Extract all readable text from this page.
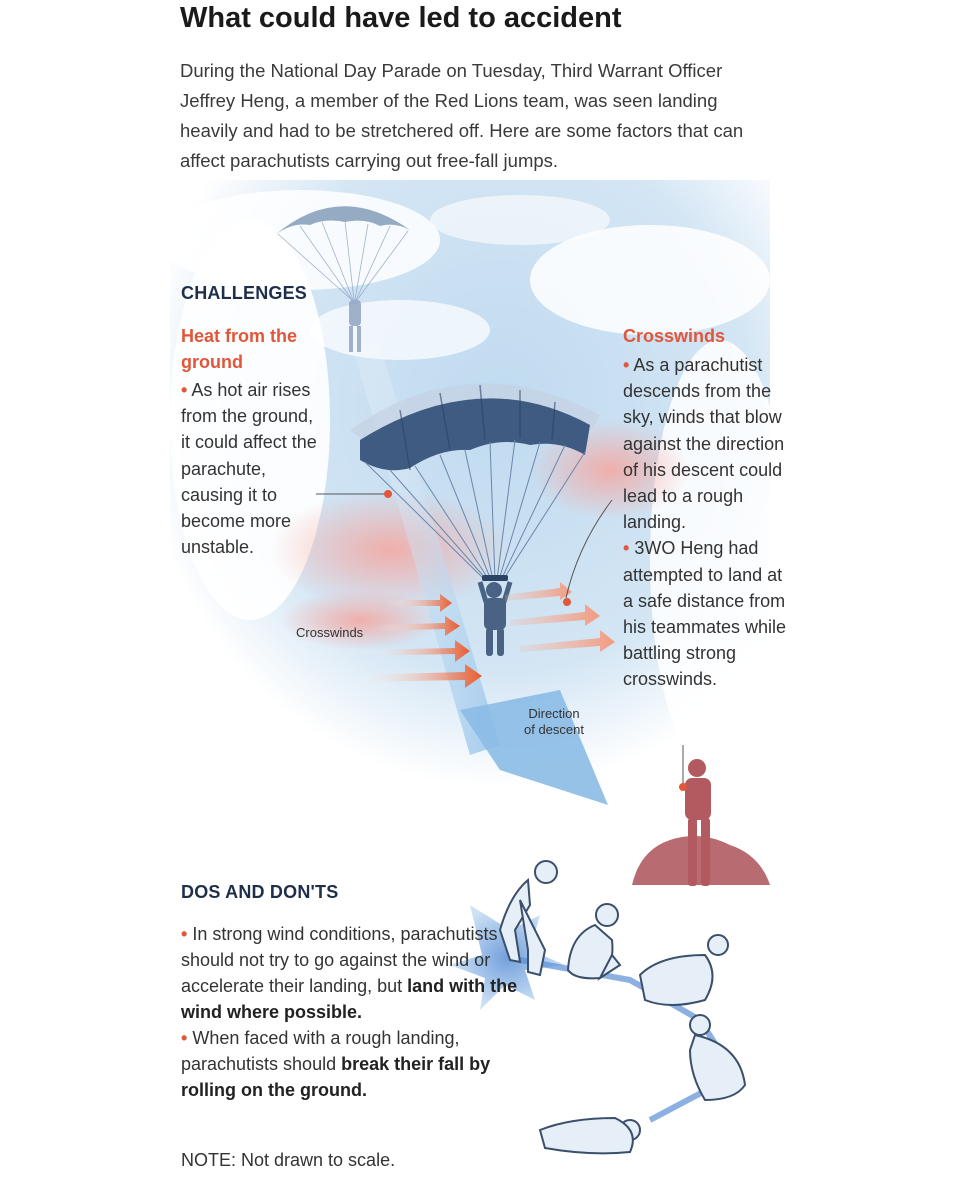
What could have led to accident
During the National Day Parade on Tuesday, Third Warrant Officer Jeffrey Heng, a member of the Red Lions team, was seen landing heavily and had to be stretchered off. Here are some factors that can affect parachutists carrying out free-fall jumps.
CHALLENGES
Heat from the ground
• As hot air rises from the ground, it could affect the parachute, causing it to become more unstable.
Crosswinds
• As a parachutist descends from the sky, winds that blow against the direction of his descent could lead to a rough landing.
• 3WO Heng had attempted to land at a safe distance from his teammates while battling strong crosswinds.
Crosswinds
Direction
of descent
DOS AND DON'TS
• In strong wind conditions, parachutists should not try to go against the wind or accelerate their landing, but land with the wind where possible.
• When faced with a rough landing, parachutists should break their fall by rolling on the ground.
NOTE: Not drawn to scale.
